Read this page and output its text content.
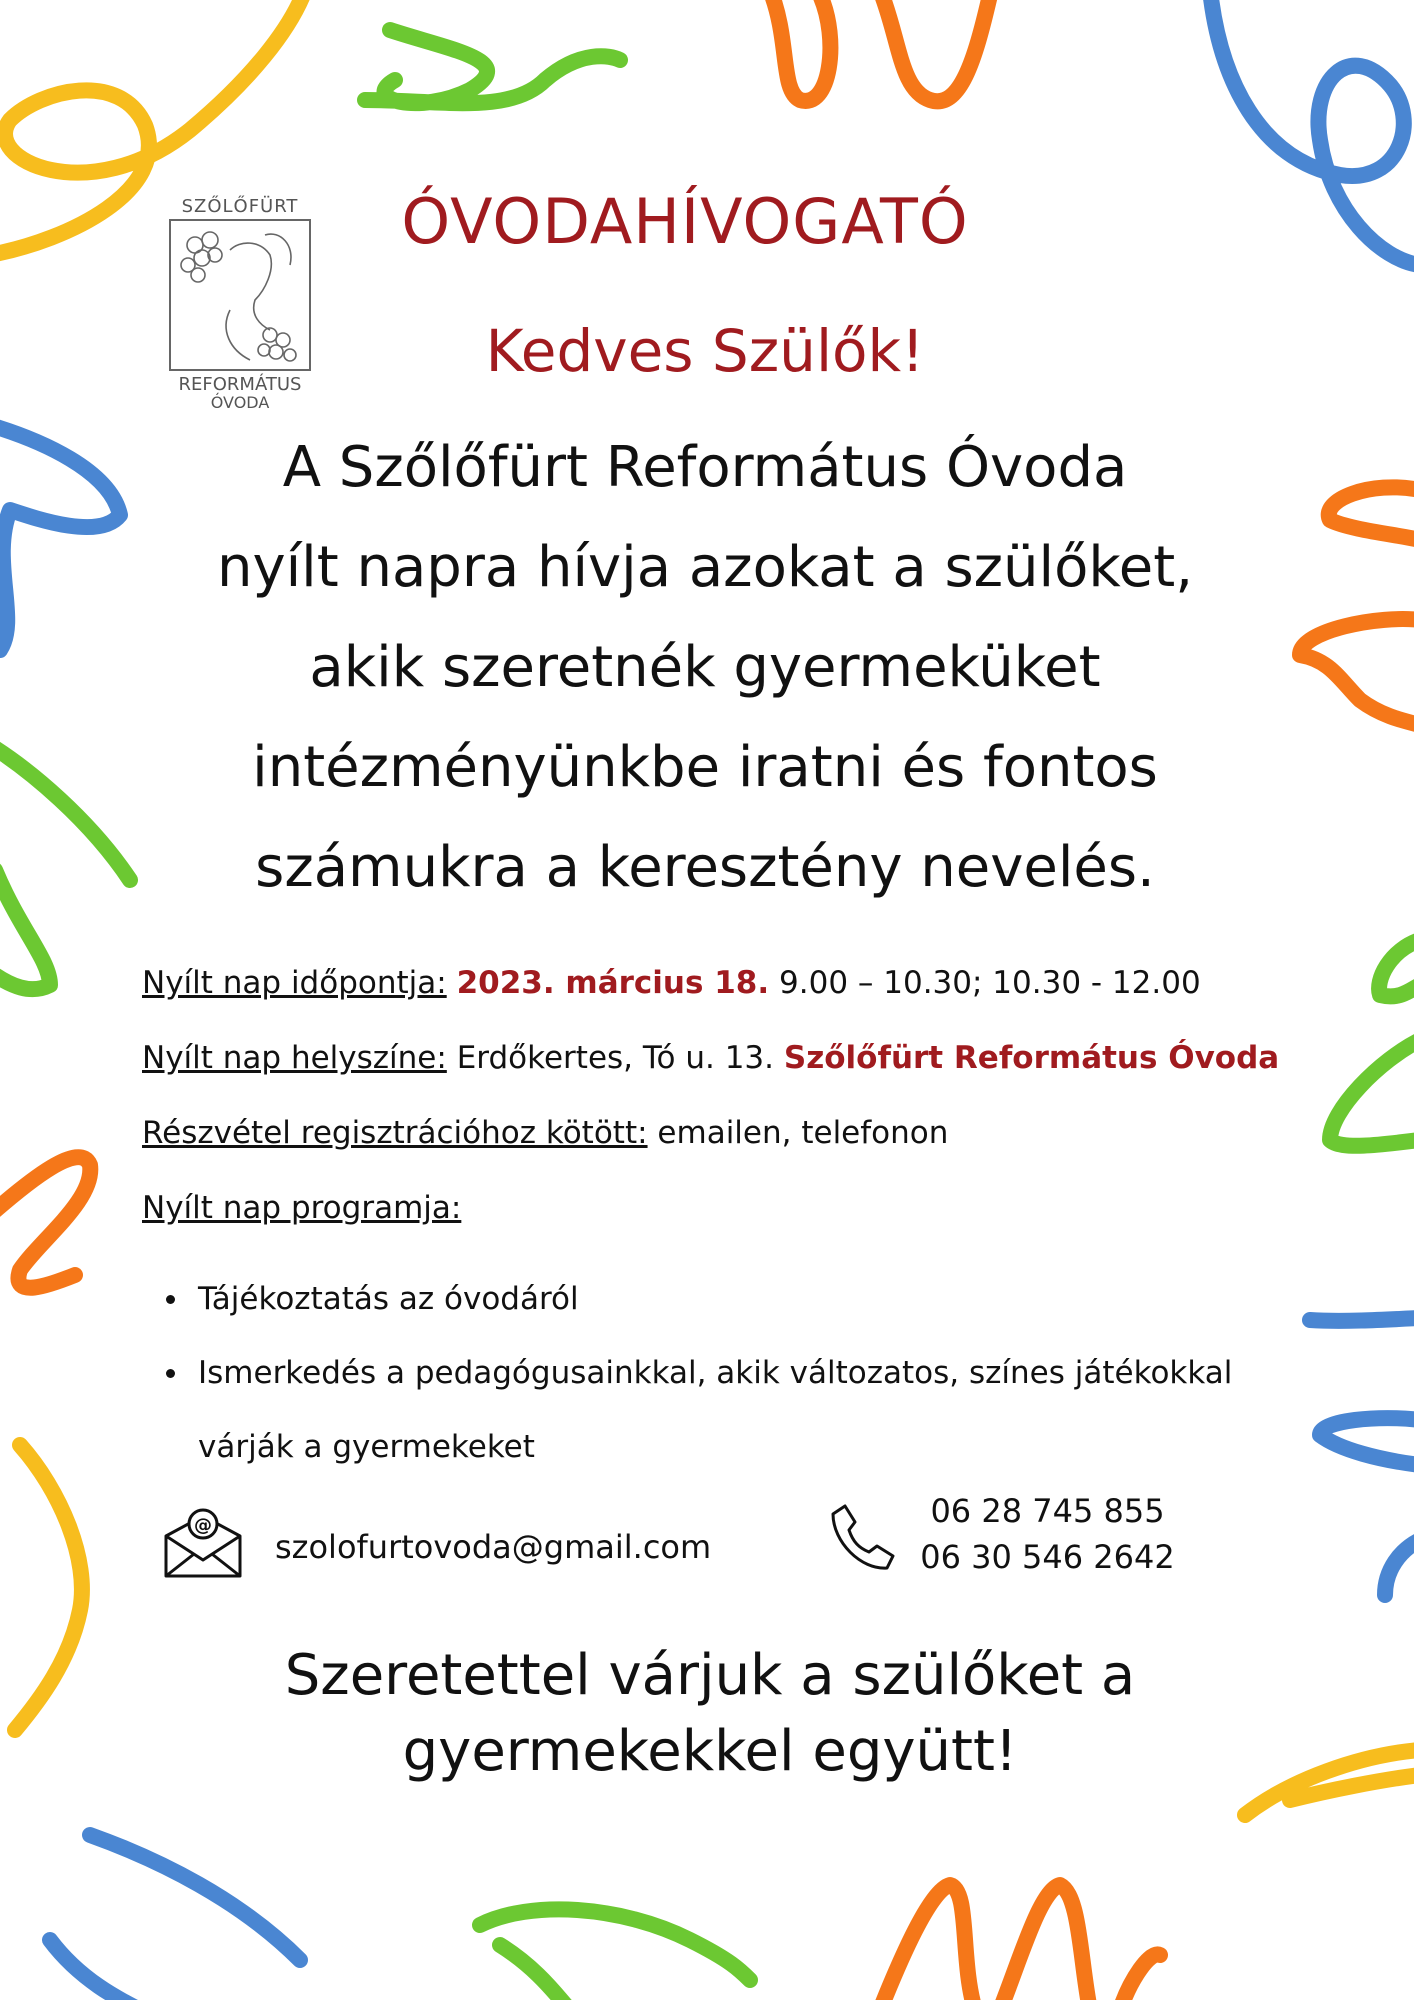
SZŐLŐFÜRT
REFORMÁTUS
ÓVODA
ÓVODAHÍVOGATÓ
Kedves Szülők!
A Szőlőfürt Református Óvoda
nyílt napra hívja azokat a szülőket,
akik szeretnék gyermeküket
intézményünkbe iratni és fontos
számukra a keresztény nevelés.
Nyílt nap időpontja: 2023. március 18. 9.00 – 10.30; 10.30 - 12.00
Nyílt nap helyszíne: Erdőkertes, Tó u. 13. Szőlőfürt Református Óvoda
Részvétel regisztrációhoz kötött: emailen, telefonon
Nyílt nap programja:
Tájékoztatás az óvodáról
Ismerkedés a pedagógusainkkal, akik változatos, színes játékokkal
várják a gyermekeket
@
szolofurtovoda@gmail.com
06 28 745 855
06 30 546 2642
Szeretettel várjuk a szülőket a
gyermekekkel együtt!
